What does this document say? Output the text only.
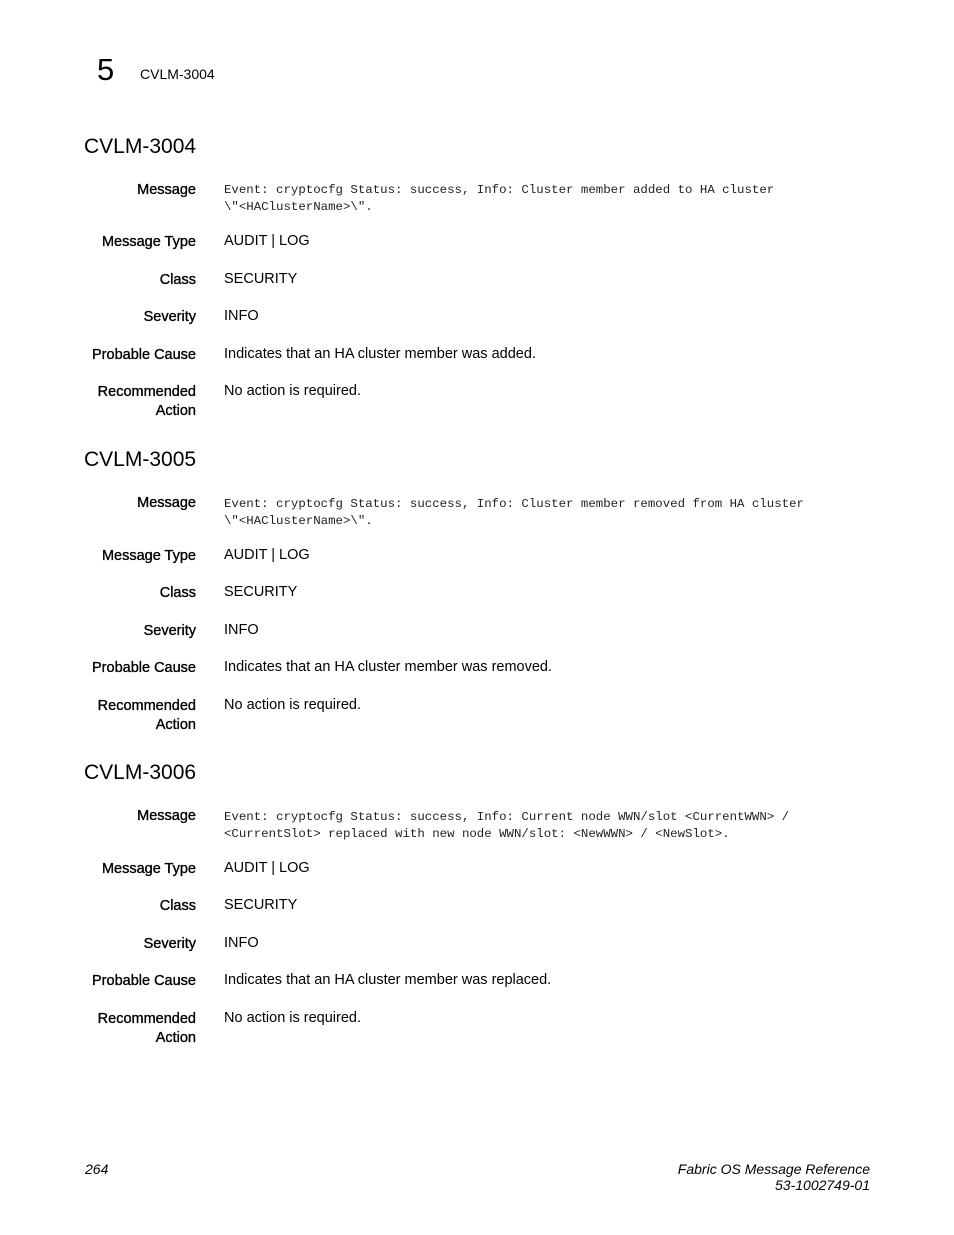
5 CVLM-3004
CVLM-3004
Message Event: cryptocfg Status: success, Info: Cluster member added to HA cluster
\"<HAClusterName>\".
Message Type AUDIT | LOG
Class SECURITY
Severity INFO
Probable Cause Indicates that an HA cluster member was added.
Recommended
Action
No action is required.
CVLM-3005
Message Event: cryptocfg Status: success, Info: Cluster member removed from HA cluster
\"<HAClusterName>\".
Message Type AUDIT | LOG
Class SECURITY
Severity INFO
Probable Cause Indicates that an HA cluster member was removed.
Recommended
Action
No action is required.
CVLM-3006
Message Event: cryptocfg Status: success, Info: Current node WWN/slot <CurrentWWN> /
<CurrentSlot> replaced with new node WWN/slot: <NewWWN> / <NewSlot>.
Message Type AUDIT | LOG
Class SECURITY
Severity INFO
Probable Cause Indicates that an HA cluster member was replaced.
Recommended
Action
No action is required.
264	Fabric OS Message Reference
53-1002749-01
